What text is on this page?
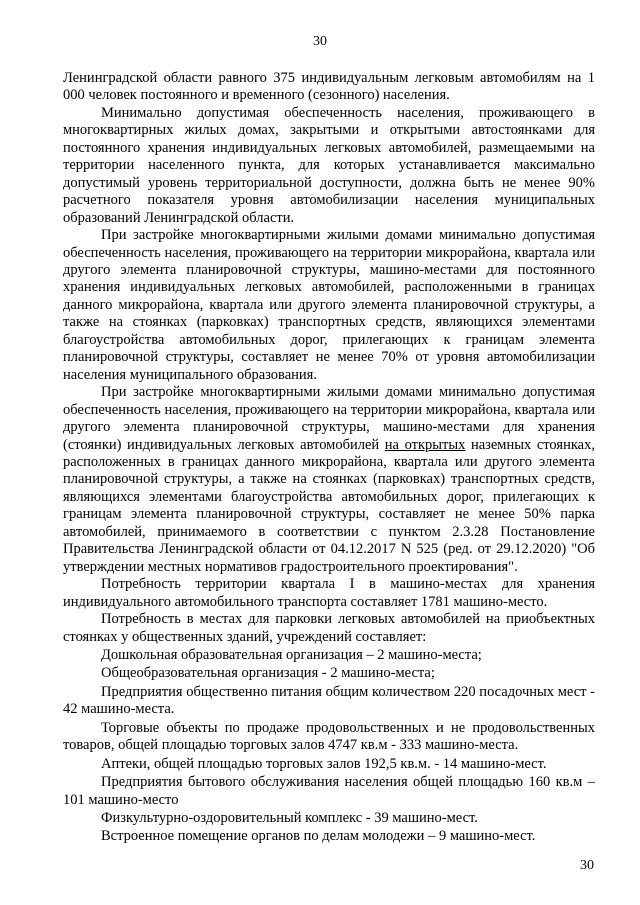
30

Ленинградской области равного 375 индивидуальным легковым автомобилям на 1 000 человек постоянного и временного (сезонного) населения.

Минимально допустимая обеспеченность населения, проживающего в многоквартирных жилых домах, закрытыми и открытыми автостоянками для постоянного хранения индивидуальных легковых автомобилей, размещаемыми на территории населенного пункта, для которых устанавливается максимально допустимый уровень территориальной доступности, должна быть не менее 90% расчетного показателя уровня автомобилизации населения муниципальных образований Ленинградской области.

При застройке многоквартирными жилыми домами минимально допустимая обеспеченность населения, проживающего на территории микрорайона, квартала или другого элемента планировочной структуры, машино-местами для постоянного хранения индивидуальных легковых автомобилей, расположенными в границах данного микрорайона, квартала или другого элемента планировочной структуры, а также на стоянках (парковках) транспортных средств, являющихся элементами благоустройства автомобильных дорог, прилегающих к границам элемента планировочной структуры, составляет не менее 70% от уровня автомобилизации населения муниципального образования.

При застройке многоквартирными жилыми домами минимально допустимая обеспеченность населения, проживающего на территории микрорайона, квартала или другого элемента планировочной структуры, машино-местами для хранения (стоянки) индивидуальных легковых автомобилей на открытых наземных стоянках, расположенных в границах данного микрорайона, квартала или другого элемента планировочной структуры, а также на стоянках (парковках) транспортных средств, являющихся элементами благоустройства автомобильных дорог, прилегающих к границам элемента планировочной структуры, составляет не менее 50% парка автомобилей, принимаемого в соответствии с пунктом 2.3.28 Постановление Правительства Ленинградской области от 04.12.2017 N 525 (ред. от 29.12.2020) "Об утверждении местных нормативов градостроительного проектирования".

Потребность территории квартала I в машино-местах для хранения индивидуального автомобильного транспорта составляет 1781 машино-место.

Потребность в местах для парковки легковых автомобилей на приобъектных стоянках у общественных зданий, учреждений составляет:

Дошкольная образовательная организация – 2 машино-места;

Общеобразовательная организация - 2 машино-места;

Предприятия общественно питания общим количеством 220 посадочных мест - 42 машино-места.

Торговые объекты по продаже продовольственных и не продовольственных товаров, общей площадью торговых залов 4747 кв.м - 333 машино-места.

Аптеки, общей площадью торговых залов 192,5 кв.м. - 14 машино-мест.

Предприятия бытового обслуживания населения общей площадью 160 кв.м – 101 машино-место

Физкультурно-оздоровительный комплекс - 39 машино-мест.

Встроенное помещение органов по делам молодежи – 9 машино-мест.

30
